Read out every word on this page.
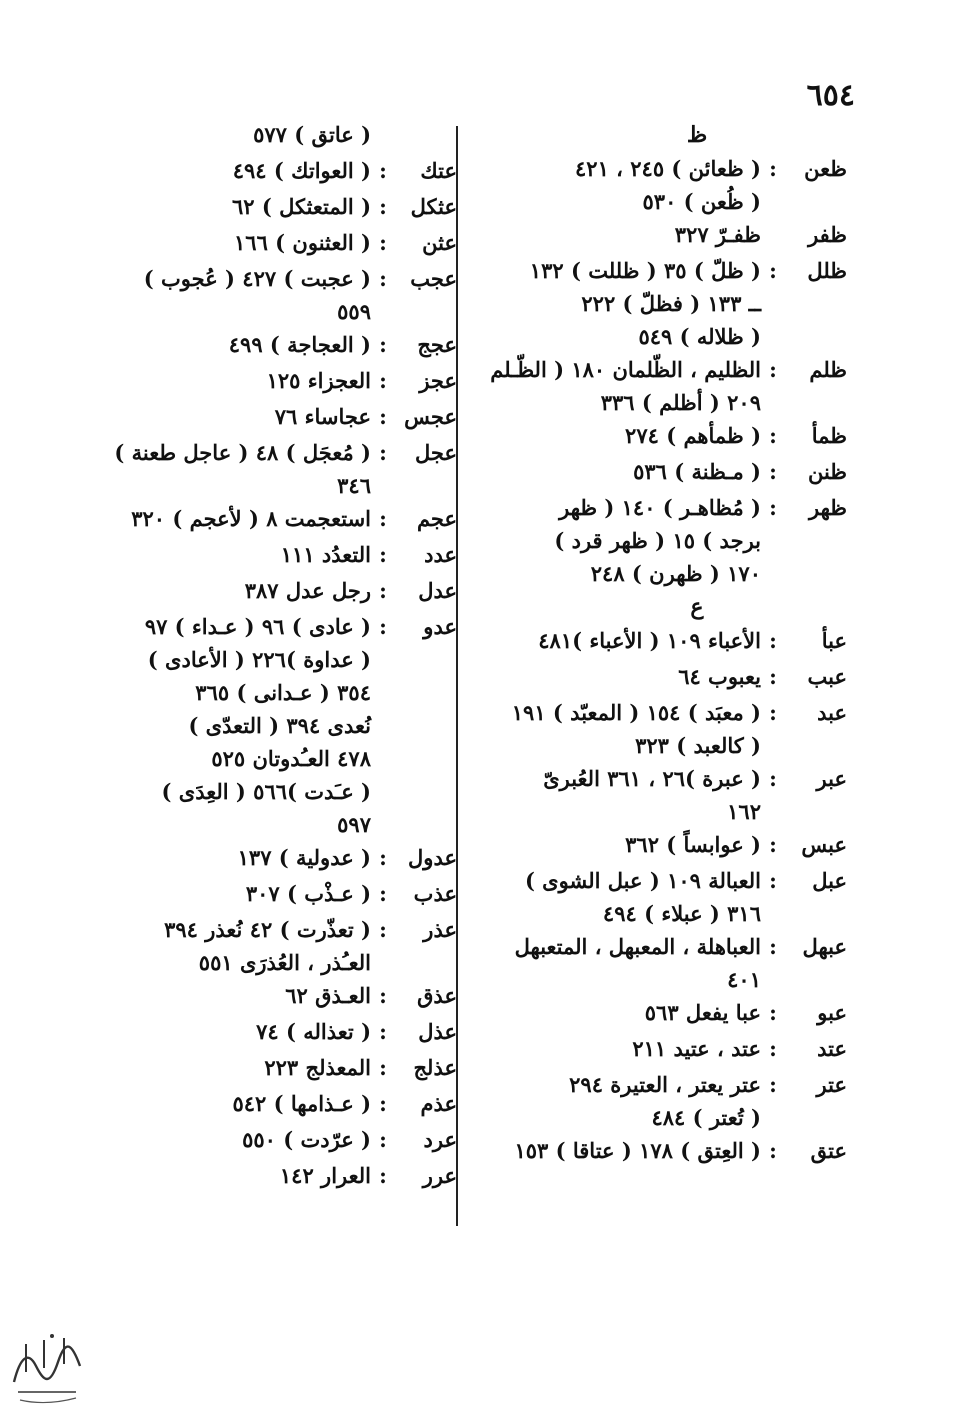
٦٥٤
ظ
ظعن
:
( ظعائن ) ٢٤٥ ، ٤٢١
( ظُعن ) ٥٣٠
ظفر
ظفـرّ ٣٢٧
ظلل
:
( ظلّ ) ٣٥ ( ظللت ) ١٣٢
ــ ١٣٣ ( فظلّ ) ٢٢٢
( ظلاله ) ٥٤٩
ظلم
:
الظليم ، الظّلمان ١٨٠ ( الظّـلم
٢٠٩ ( أظلم ) ٣٣٦
ظمأ
:
( ظمأهم ) ٢٧٤
ظنن
:
( مـظنة ) ٥٣٦
ظهر
:
( مُظاهـر ) ١٤٠ ( ظهر
برجد ) ١٥ ( ظهر قرد )
١٧٠ ( ظهرن ) ٢٤٨
ع
عبأ
:
الأعباء ١٠٩ ( الأعباء )٤٨١
عبب
:
يعبوب ٦٤
عبد
:
( معبَد ) ١٥٤ ( المعبّد ) ١٩١
( كالعبد ) ٣٢٣
عبر
:
( عبرة )٢٦ ، ٣٦١ العُبرىّ
١٦٢
عبس
:
( عوابساً ) ٣٦٢
عبل
:
العبالة ١٠٩ ( عبل الشوى )
٣١٦ ( عبلاء ) ٤٩٤
عبهل
:
العباهلة ، المعبهل ، المتعبهل
٤٠١
عبو
:
عبا يفعل ٥٦٣
عتد
:
عتد ، عتيد ٢١١
عتر
:
عتر يعتر ، العتيرة ٢٩٤
( تُعتر ) ٤٨٤
عتق
:
( العِتق ) ١٧٨ ( عتاقا ) ١٥٣
( عاتق ) ٥٧٧
عتك
:
( العواتك ) ٤٩٤
عثكل
:
( المتعثكل ) ٦٢
عثن
:
( العثنون ) ١٦٦
عجب
:
( عجبت ) ٤٢٧ ( عُجوب )
٥٥٩
عجج
:
( العجاجة ) ٤٩٩
عجز
:
العجزاء ١٢٥
عجس
:
عجاساء ٧٦
عجل
:
( مُعجَل ) ٤٨ ( عاجل طعنة )
٣٤٦
عجم
:
استعجمت ٨ ( لأعجم ) ٣٢٠
عدد
:
التعدُد ١١١
عدل
:
رجل عدل ٣٨٧
عدو
:
( عادى ) ٩٦ ( عـداء ) ٩٧
( عداوة )٢٢٦ ( الأعادى )
٣٥٤ ( عـدانى ) ٣٦٥
نُعدى ٣٩٤ ( التعدّى )
٤٧٨ العـُدوتان ٥٢٥
( عـَدت )٥٦٦ ( العِدَى )
٥٩٧
عدول
:
( عدولية ) ١٣٧
عذب
:
( عـذْب ) ٣٠٧
عذر
:
( تعذّرت ) ٤٢ نُعذر ٣٩٤
العـُذر ، العُذرَى ٥٥١
عذق
:
العـذق ٦٢
عذل
:
( تعذاله ) ٧٤
عذلج
:
المعذلج ٢٢٣
عذم
:
( عـذامها ) ٥٤٢
عرد
:
( عرّدت ) ٥٥٠
عرر
:
العرار ١٤٢
